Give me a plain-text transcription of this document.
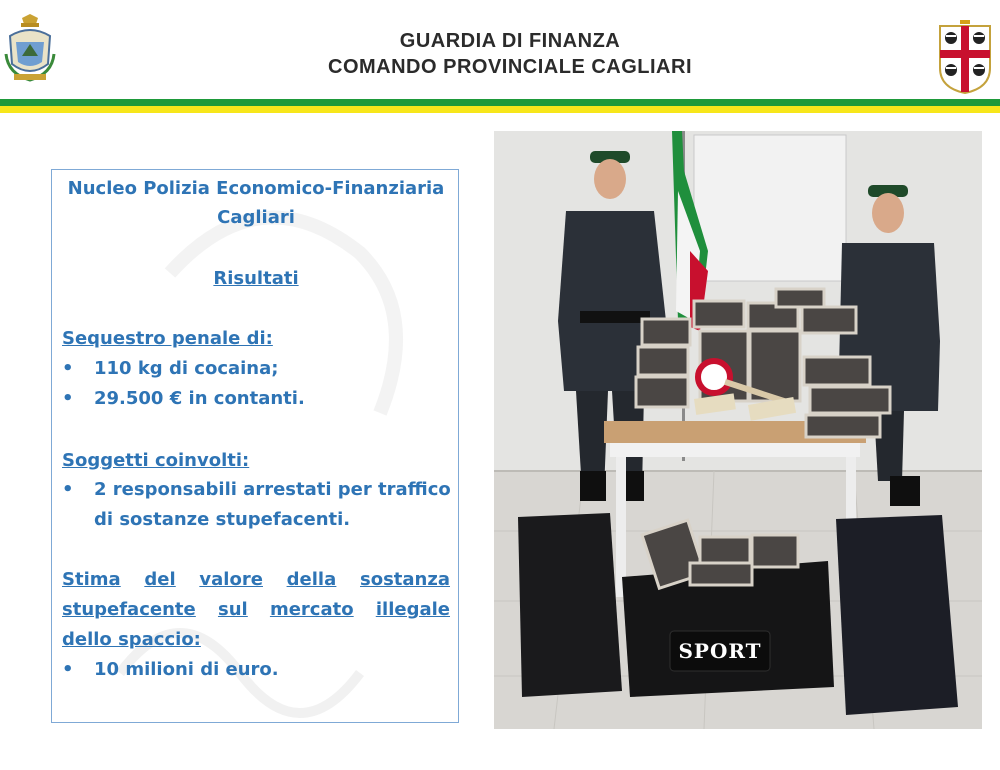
GUARDIA DI FINANZA
COMANDO PROVINCIALE CAGLIARI
Nucleo Polizia Economico-Finanziaria
Cagliari
Risultati
Sequestro penale di:
• 110 kg di cocaina;
• 29.500 € in contanti.
Soggetti coinvolti:
• 2 responsabili arrestati per traffico
di sostanze stupefacenti.
Stima del valore della sostanza
stupefacente sul mercato illegale
dello spaccio:
• 10 milioni di euro.
SPORT
